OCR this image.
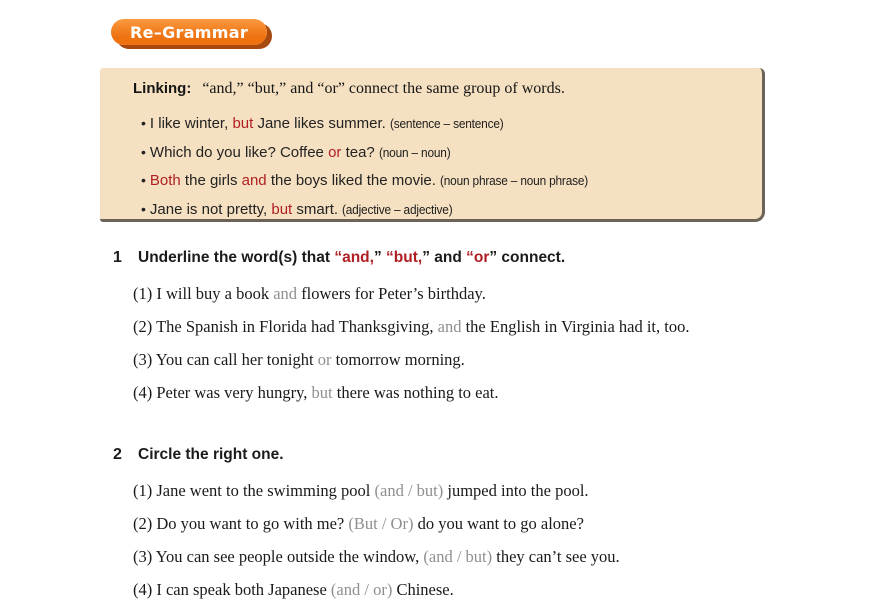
Re–Grammar
Linking: “and,” “but,” and “or” connect the same group of words.
• I like winter, but Jane likes summer. (sentence – sentence)
• Which do you like? Coffee or tea? (noun – noun)
• Both the girls and the boys liked the movie. (noun phrase – noun phrase)
• Jane is not pretty, but smart. (adjective – adjective)
1	Underline the word(s) that “and,” “but,” and “or” connect.
(1) I will buy a book and flowers for Peter’s birthday.
(2) The Spanish in Florida had Thanksgiving, and the English in Virginia had it, too.
(3) You can call her tonight or tomorrow morning.
(4) Peter was very hungry, but there was nothing to eat.
2	Circle the right one.
(1) Jane went to the swimming pool (and / but) jumped into the pool.
(2) Do you want to go with me? (But / Or) do you want to go alone?
(3) You can see people outside the window, (and / but) they can’t see you.
(4) I can speak both Japanese (and / or) Chinese.
